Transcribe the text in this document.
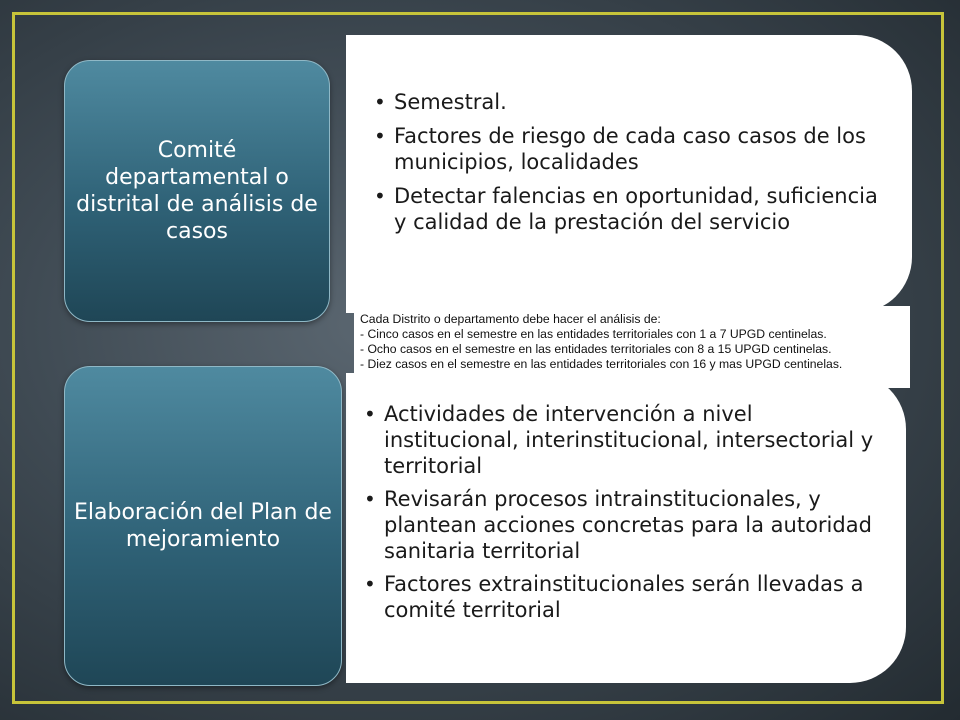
• Semestral.
• Factores de riesgo de cada caso casos de los municipios, localidades
• Detectar falencias en oportunidad, suficiencia y calidad de la prestación del servicio
Comité departamental o distrital de análisis de casos
Cada Distrito o departamento debe hacer el análisis de:
- Cinco casos en el semestre en las entidades territoriales con 1 a 7 UPGD centinelas.
- Ocho casos en el semestre en las entidades territoriales con 8 a 15 UPGD centinelas.
- Diez casos en el semestre en las entidades territoriales con 16 y mas UPGD centinelas.
• Actividades de intervención a nivel institucional, interinstitucional, intersectorial y territorial
• Revisarán procesos intrainstitucionales, y plantean acciones concretas para la autoridad sanitaria territorial
• Factores extrainstitucionales serán llevadas a comité territorial
Elaboración del Plan de mejoramiento
